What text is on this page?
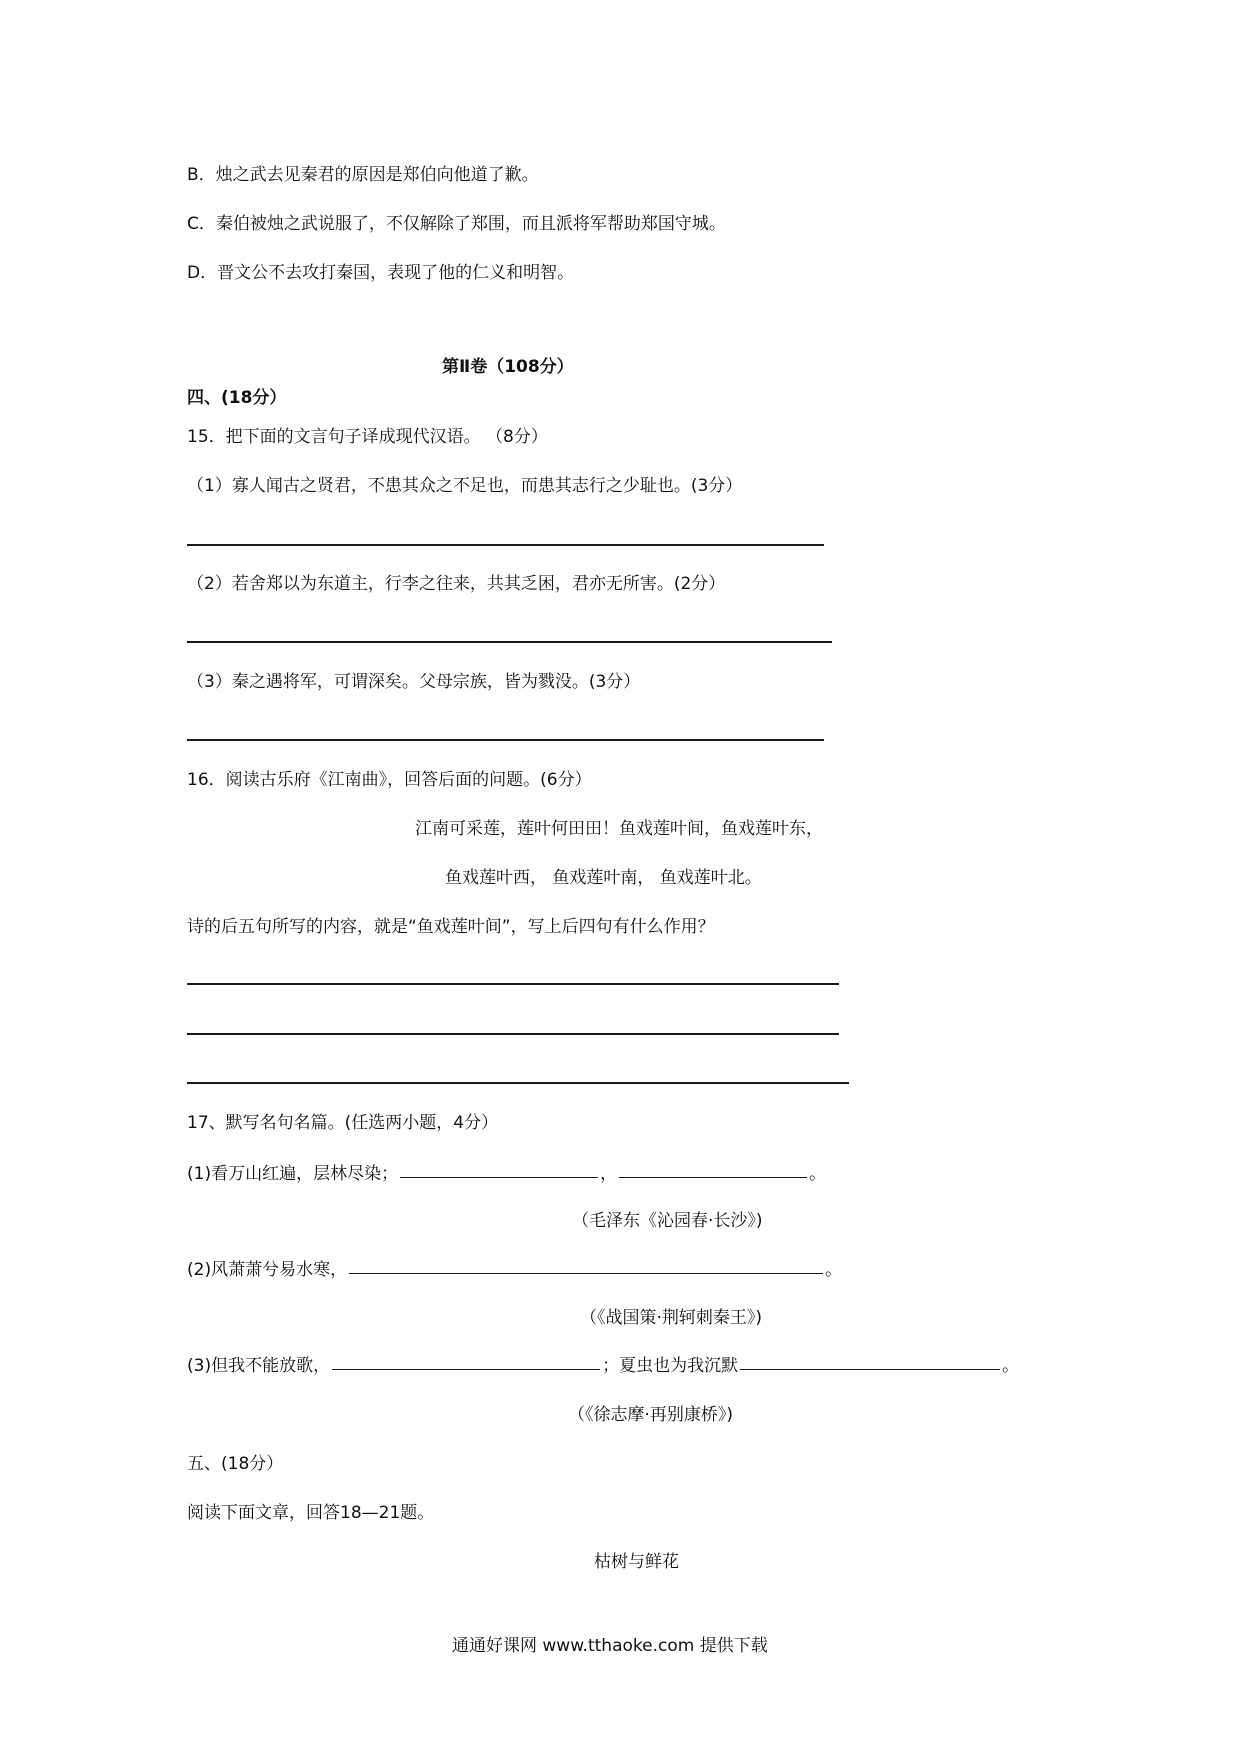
B．烛之武去见秦君的原因是郑伯向他道了歉。
C．秦伯被烛之武说服了，不仅解除了郑围，而且派将军帮助郑国守城。
D．晋文公不去攻打秦国，表现了他的仁义和明智。
第Ⅱ卷（108分）
四、(18分）
15．把下面的文言句子译成现代汉语。 （8分）
（1）寡人闻古之贤君，不患其众之不足也，而患其志行之少耻也。(3分）
（2）若舍郑以为东道主，行李之往来，共其乏困，君亦无所害。(2分）
（3）秦之遇将军，可谓深矣。父母宗族，皆为戮没。(3分）
16．阅读古乐府《江南曲》，回答后面的问题。(6分）
江南可采莲，莲叶何田田！鱼戏莲叶间，鱼戏莲叶东，
鱼戏莲叶西， 鱼戏莲叶南， 鱼戏莲叶北。
诗的后五句所写的内容，就是“鱼戏莲叶间”，写上后四句有什么作用？
17、默写名句名篇。(任选两小题，4分）
(1)看万山红遍，层林尽染；	，	。
（毛泽东《沁园春·长沙》)
(2)风萧萧兮易水寒，	。
（《战国策·荆轲刺秦王》)
(3)但我不能放歌，	；夏虫也为我沉默	。
（《徐志摩·再别康桥》)
五、(18分）
阅读下面文章，回答18—21题。
枯树与鲜花
通通好课网 www.tthaoke.com 提供下载
